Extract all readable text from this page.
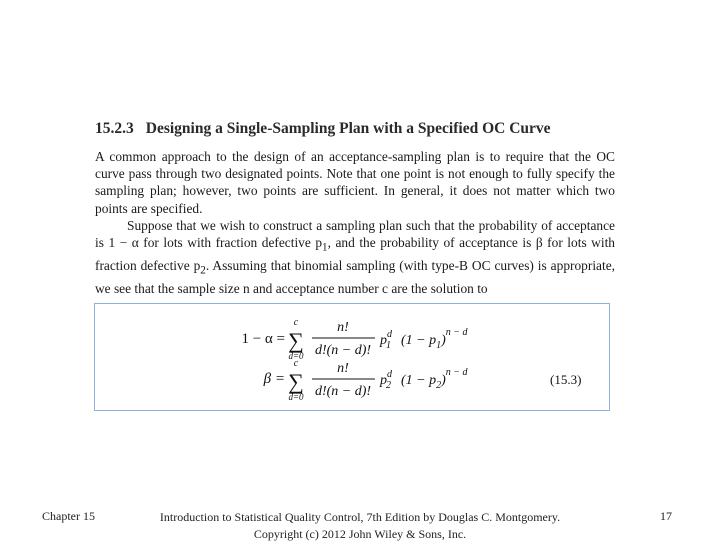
15.2.3 Designing a Single-Sampling Plan with a Specified OC Curve

A common approach to the design of an acceptance-sampling plan is to require that the OC curve pass through two designated points. Note that one point is not enough to fully specify the sampling plan; however, two points are sufficient. In general, it does not matter which two points are specified.

Suppose that we wish to construct a sampling plan such that the probability of acceptance is 1 − α for lots with fraction defective $p_1$, and the probability of acceptance is β for lots with fraction defective $p_2$. Assuming that binomial sampling (with type-B OC curves) is appropriate, we see that the sample size n and acceptance number c are the solution to

1 − α =
c
∑
d=0
n!
d!(n − d)!
$p^d$ 1 $(1 - p_1)^{n - d}$
β =
c
∑
d=0
n!
d!(n − d)!
$p^d$ 2 $(1 - p_2)^{n - d}$	(15.3)
Chapter 15	Introduction to Statistical Quality Control, 7th Edition by Douglas C. Montgomery.
Copyright (c) 2012 John Wiley & Sons, Inc.
17
